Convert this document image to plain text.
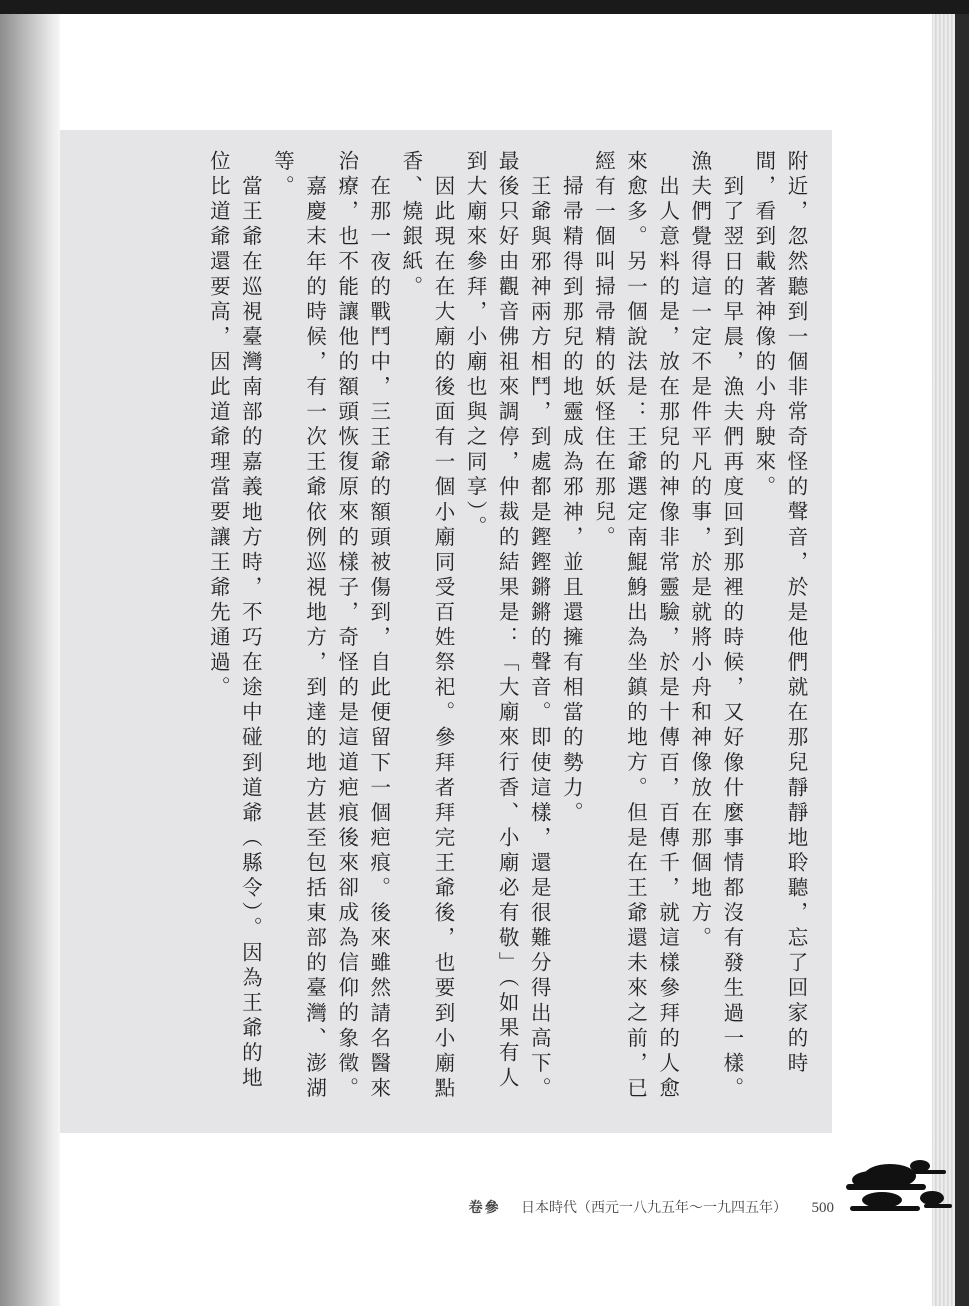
附近，忽然聽到一個非常奇怪的聲音，於是他們就在那兒靜靜地聆聽，忘了回家的時間，看到載著神像的小舟駛來。

　到了翌日的早晨，漁夫們再度回到那裡的時候，又好像什麼事情都沒有發生過一樣。漁夫們覺得這一定不是件平凡的事，於是就將小舟和神像放在那個地方。

　出人意料的是，放在那兒的神像非常靈驗，於是十傳百，百傳千，就這樣參拜的人愈來愈多。另一個說法是：王爺選定南鯤鯓出為坐鎮的地方。但是在王爺還未來之前，已經有一個叫掃帚精的妖怪住在那兒。

　掃帚精得到那兒的地靈成為邪神，並且還擁有相當的勢力。

　王爺與邪神兩方相鬥，到處都是鏗鏗鏘鏘的聲音。即使這樣，還是很難分得出高下。最後只好由觀音佛祖來調停，仲裁的結果是：「大廟來行香、小廟必有敬」（如果有人到大廟來參拜，小廟也與之同享）。

　因此現在在大廟的後面有一個小廟同受百姓祭祀。參拜者拜完王爺後，也要到小廟點香、燒銀紙。

　在那一夜的戰鬥中，三王爺的額頭被傷到，自此便留下一個疤痕。後來雖然請名醫來治療，也不能讓他的額頭恢復原來的樣子，奇怪的是這道疤痕後來卻成為信仰的象徵。

　嘉慶末年的時候，有一次王爺依例巡視地方，到達的地方甚至包括東部的臺灣、澎湖等。

　當王爺在巡視臺灣南部的嘉義地方時，不巧在途中碰到道爺（縣令）。因為王爺的地位比道爺還要高，因此道爺理當要讓王爺先通過。

卷參 日本時代（西元一八九五年～一九四五年） 500
